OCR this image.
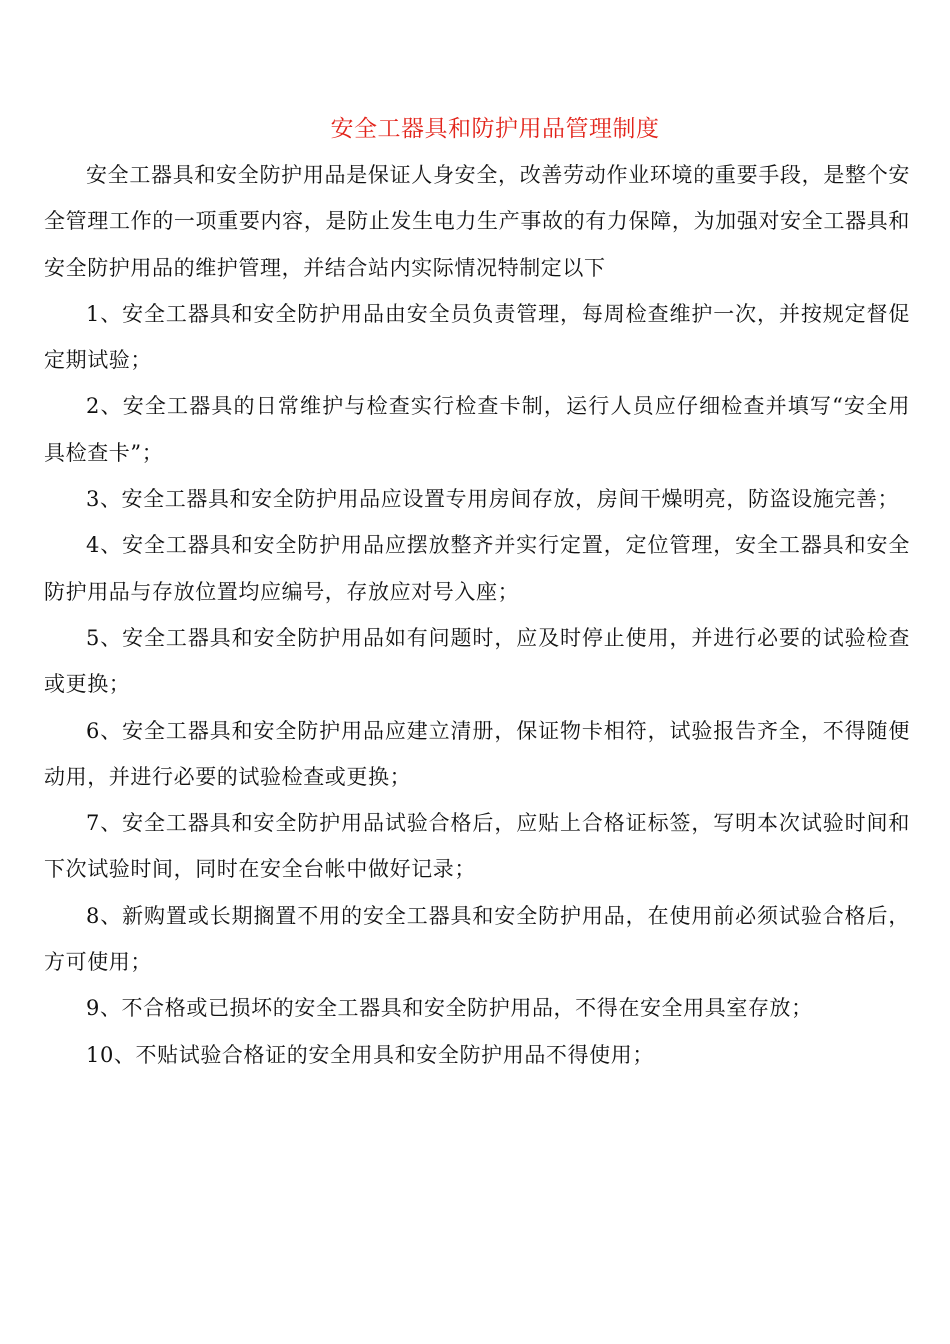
安全工器具和防护用品管理制度

安全工器具和安全防护用品是保证人身安全，改善劳动作业环境的重要手段，是整个安全管理工作的一项重要内容，是防止发生电力生产事故的有力保障，为加强对安全工器具和安全防护用品的维护管理，并结合站内实际情况特制定以下

1、安全工器具和安全防护用品由安全员负责管理，每周检查维护一次，并按规定督促定期试验；

2、安全工器具的日常维护与检查实行检查卡制，运行人员应仔细检查并填写“安全用具检查卡”；

3、安全工器具和安全防护用品应设置专用房间存放，房间干燥明亮，防盗设施完善；

4、安全工器具和安全防护用品应摆放整齐并实行定置，定位管理，安全工器具和安全防护用品与存放位置均应编号，存放应对号入座；

5、安全工器具和安全防护用品如有问题时，应及时停止使用，并进行必要的试验检查或更换；

6、安全工器具和安全防护用品应建立清册，保证物卡相符，试验报告齐全，不得随便动用，并进行必要的试验检查或更换；

7、安全工器具和安全防护用品试验合格后，应贴上合格证标签，写明本次试验时间和下次试验时间，同时在安全台帐中做好记录；

8、新购置或长期搁置不用的安全工器具和安全防护用品，在使用前必须试验合格后，方可使用；

9、不合格或已损坏的安全工器具和安全防护用品，不得在安全用具室存放；

10、不贴试验合格证的安全用具和安全防护用品不得使用；
